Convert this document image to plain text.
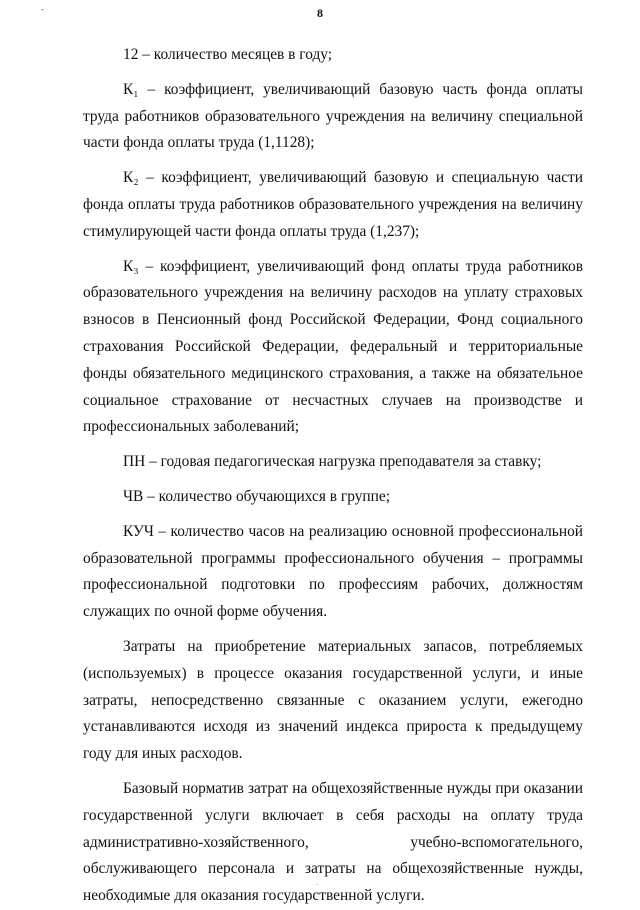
-	8

12 – количество месяцев в году;

К₁ – коэффициент, увеличивающий базовую часть фонда оплаты труда работников образовательного учреждения на величину специальной части фонда оплаты труда (1,1128);

К₂ – коэффициент, увеличивающий базовую и специальную части фонда оплаты труда работников образовательного учреждения на величину стимулирующей части фонда оплаты труда (1,237);

К₃ – коэффициент, увеличивающий фонд оплаты труда работников образовательного учреждения на величину расходов на уплату страховых взносов в Пенсионный фонд Российской Федерации, Фонд социального страхования Российской Федерации, федеральный и территориальные фонды обязательного медицинского страхования, а также на обязательное социальное страхование от несчастных случаев на производстве и профессиональных заболеваний;

ПН – годовая педагогическая нагрузка преподавателя за ставку;

ЧВ – количество обучающихся в группе;

КУЧ – количество часов на реализацию основной профессиональной образовательной программы профессионального обучения – программы профессиональной подготовки по профессиям рабочих, должностям служащих по очной форме обучения.

Затраты на приобретение материальных запасов, потребляемых (используемых) в процессе оказания государственной услуги, и иные затраты, непосредственно связанные с оказанием услуги, ежегодно устанавливаются исходя из значений индекса прироста к предыдущему году для иных расходов.

Базовый норматив затрат на общехозяйственные нужды при оказании государственной услуги включает в себя расходы на оплату труда административно-хозяйственного, учебно-вспомогательного, обслуживающего персонала и затраты на общехозяйственные нужды, необходимые для оказания государственной услуги.

.
